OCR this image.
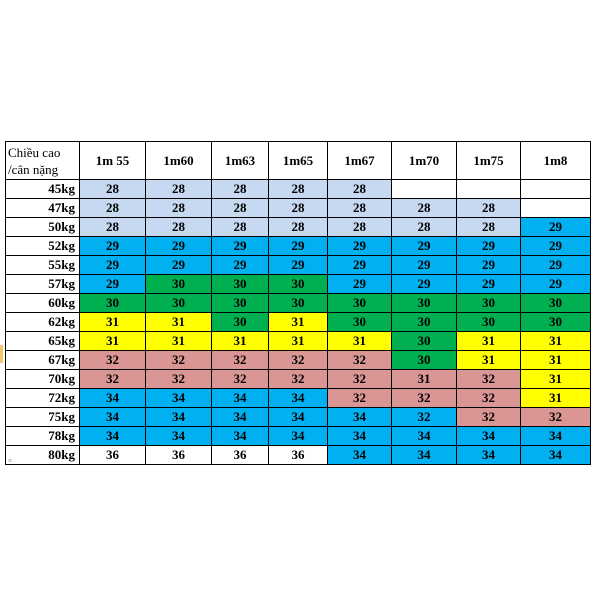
°
Chiều cao
/cân nặng	1m 55	1m60	1m63	1m65	1m67	1m70	1m75	1m8
45kg	28	28	28	28	28			
47kg	28	28	28	28	28	28	28	
50kg	28	28	28	28	28	28	28	29
52kg	29	29	29	29	29	29	29	29
55kg	29	29	29	29	29	29	29	29
57kg	29	30	30	30	29	29	29	29
60kg	30	30	30	30	30	30	30	30
62kg	31	31	30	31	30	30	30	30
65kg	31	31	31	31	31	30	31	31
67kg	32	32	32	32	32	30	31	31
70kg	32	32	32	32	32	31	32	31
72kg	34	34	34	34	32	32	32	31
75kg	34	34	34	34	34	32	32	32
78kg	34	34	34	34	34	34	34	34
80kg	36	36	36	36	34	34	34	34
